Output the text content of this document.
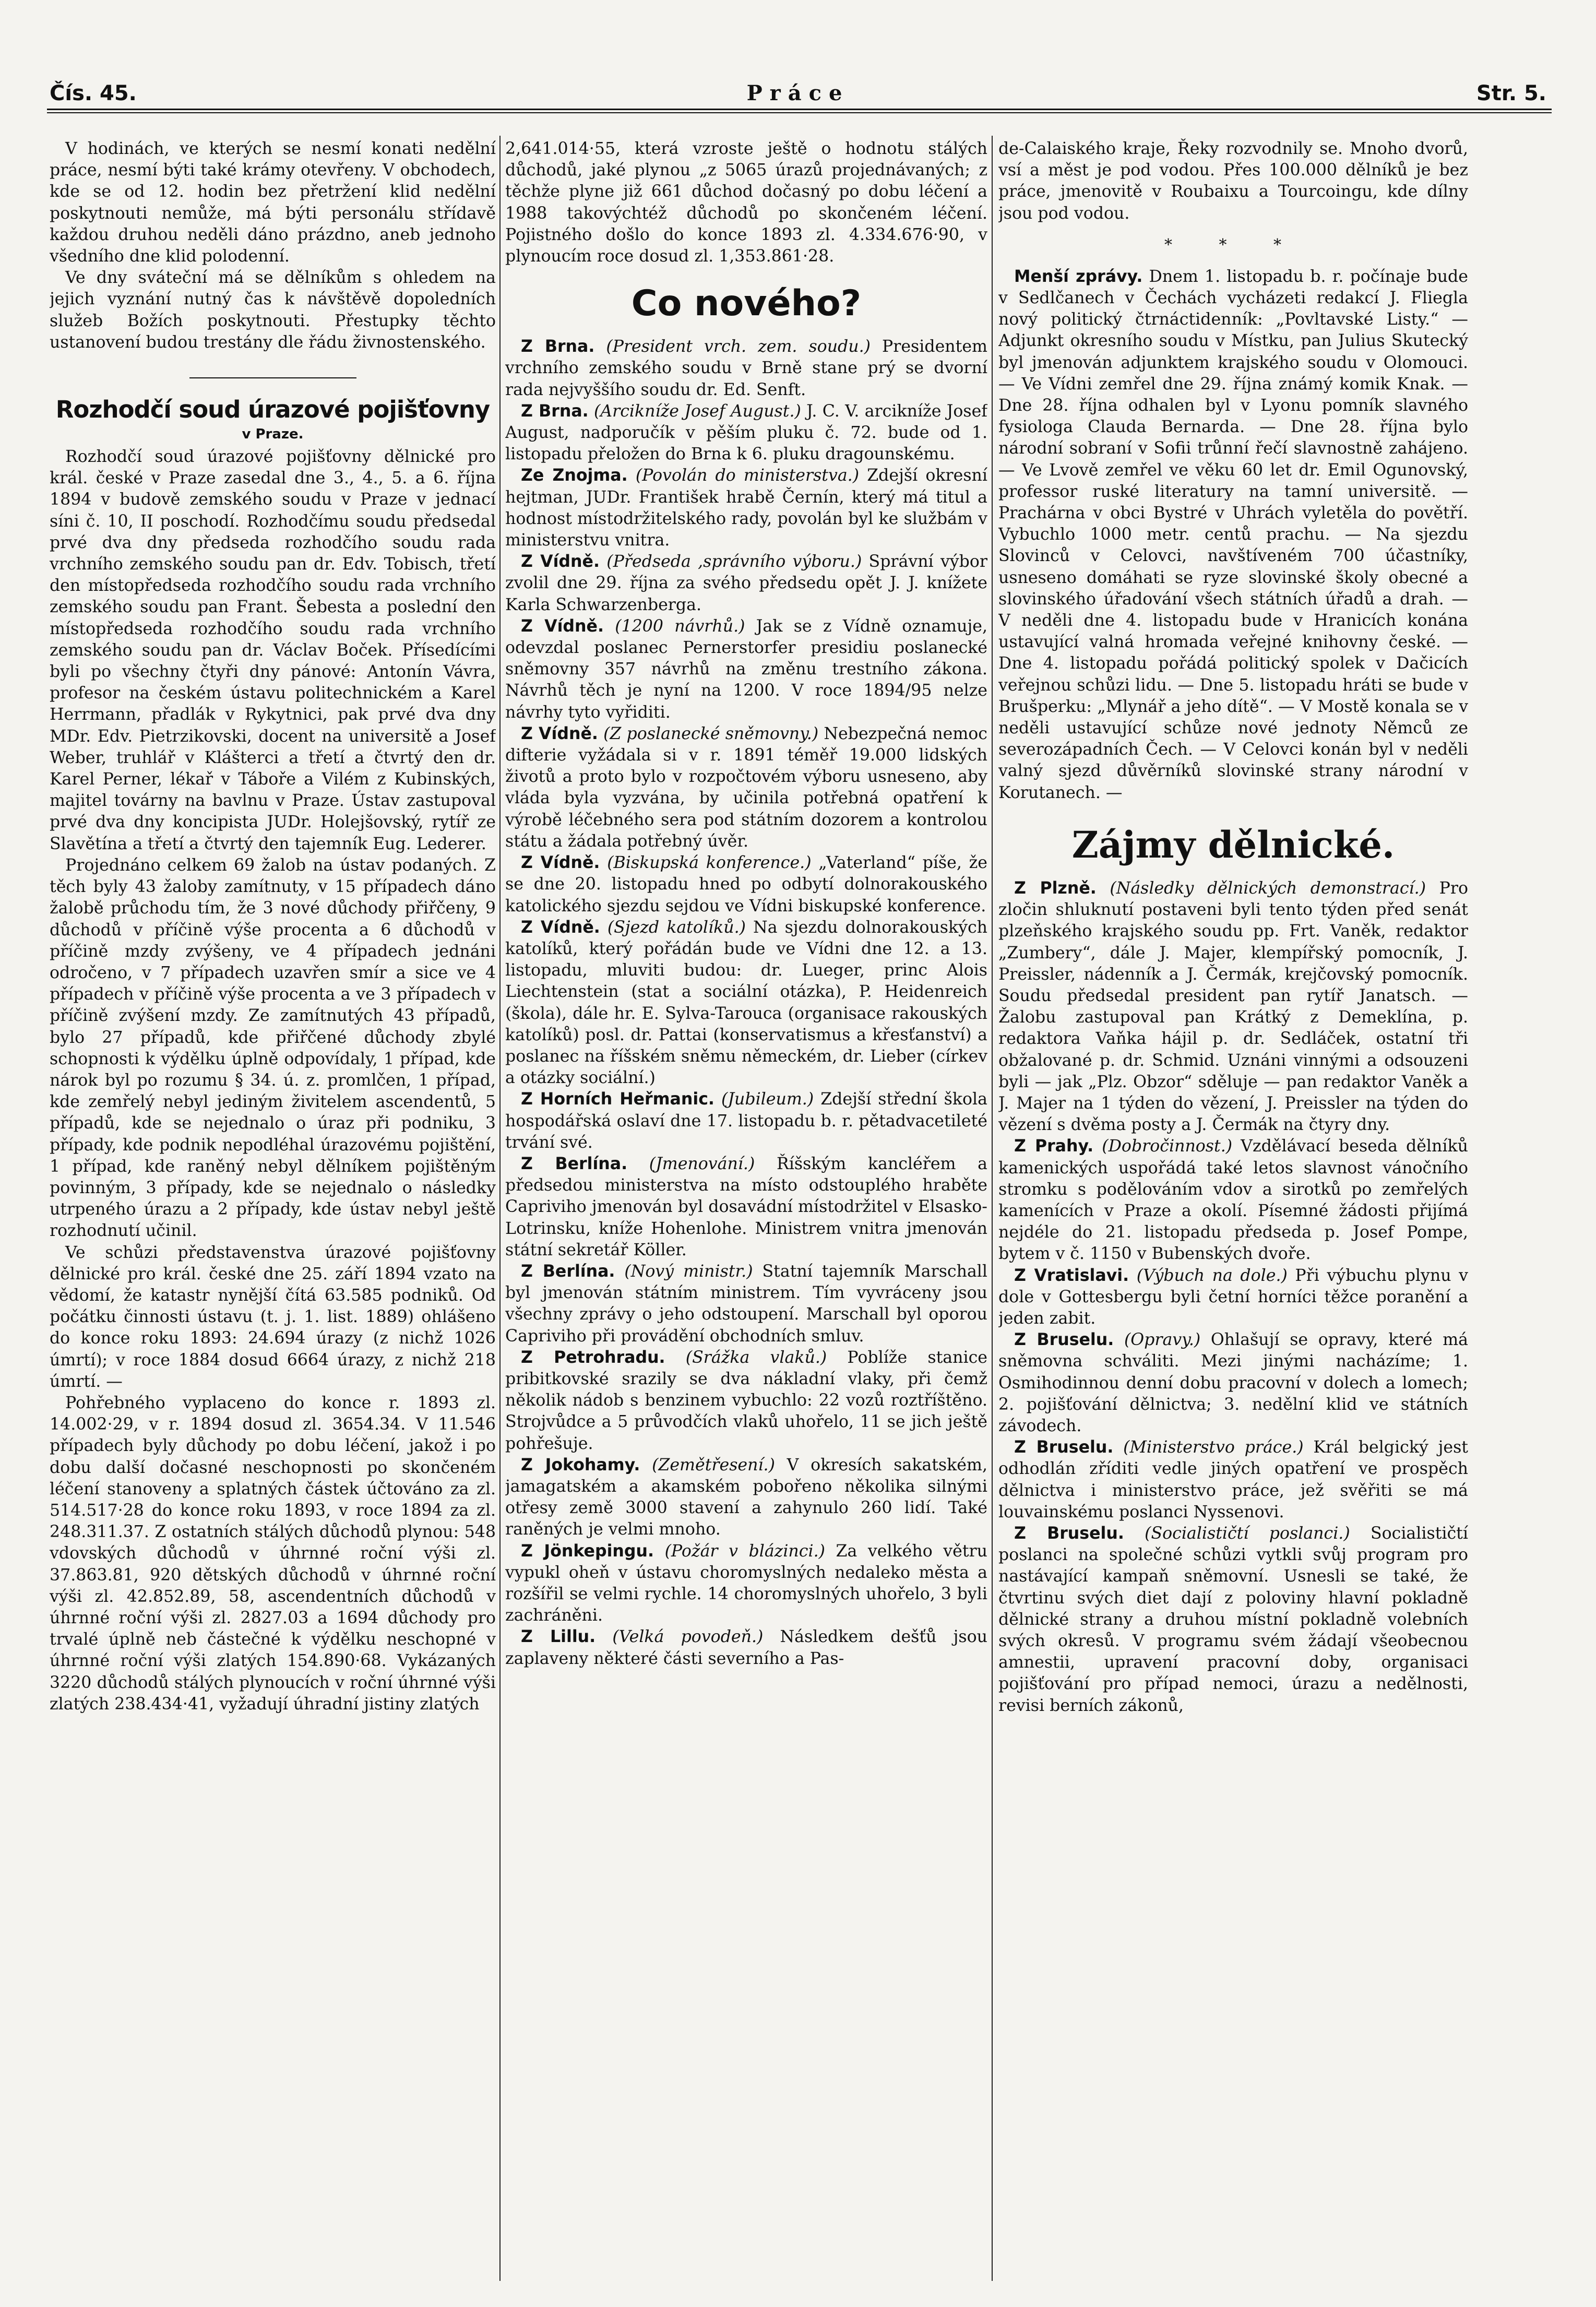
Práce
Čís. 45.	Str. 5.

V hodinách, ve kterých se nesmí konati nedělní práce, nesmí býti také krámy otevřeny. V obchodech, kde se od 12. hodin bez přetržení klid nedělní poskytnouti nemůže, má býti personálu střídavě každou druhou neděli dáno prázdno, aneb jednoho všedního dne klid polodenní.

Ve dny sváteční má se dělníkům s ohledem na jejich vyznání nutný čas k návštěvě dopoledních služeb Božích poskytnouti. Přestupky těchto ustanovení budou trestány dle řádu živnostenského.

Rozhodčí soud úrazové pojišťovny
v Praze.

Rozhodčí soud úrazové pojišťovny dělnické pro král. české v Praze zasedal dne 3., 4., 5. a 6. října 1894 v budově zemského soudu v Praze v jednací síni č. 10, II poschodí. Rozhodčímu soudu předsedal prvé dva dny předseda rozhodčího soudu rada vrchního zemského soudu pan dr. Edv. Tobisch, třetí den místopředseda rozhodčího soudu rada vrchního zemského soudu pan Frant. Šebesta a poslední den místopředseda rozhodčího soudu rada vrchního zemského soudu pan dr. Václav Boček. Přísedícími byli po všechny čtyři dny pánové: Antonín Vávra, profesor na českém ústavu politechnickém a Karel Herrmann, přadlák v Rykytnici, pak prvé dva dny MDr. Edv. Pietrzikovski, docent na universitě a Josef Weber, truhlář v Klášterci a třetí a čtvrtý den dr. Karel Perner, lékař v Táboře a Vilém z Kubinských, majitel továrny na bavlnu v Praze. Ústav zastupoval prvé dva dny koncipista JUDr. Holejšovský, rytíř ze Slavětína a třetí a čtvrtý den tajemník Eug. Lederer.

Projednáno celkem 69 žalob na ústav podaných. Z těch byly 43 žaloby zamítnuty, v 15 případech dáno žalobě průchodu tím, že 3 nové důchody přiřčeny, 9 důchodů v příčině výše procenta a 6 důchodů v příčině mzdy zvýšeny, ve 4 případech jednáni odročeno, v 7 případech uzavřen smír a sice ve 4 případech v příčině výše procenta a ve 3 případech v příčině zvýšení mzdy. Ze zamítnutých 43 případů, bylo 27 případů, kde přiřčené důchody zbylé schopnosti k výdělku úplně odpovídaly, 1 případ, kde nárok byl po rozumu § 34. ú. z. promlčen, 1 případ, kde zemřelý nebyl jediným živitelem ascendentů, 5 případů, kde se nejednalo o úraz při podniku, 3 případy, kde podnik nepodléhal úrazovému pojištění, 1 případ, kde raněný nebyl dělníkem pojištěným povinným, 3 případy, kde se nejednalo o následky utrpeného úrazu a 2 případy, kde ústav nebyl ještě rozhodnutí učinil.

Ve schůzi představenstva úrazové pojišťovny dělnické pro král. české dne 25. září 1894 vzato na vědomí, že katastr nynější čítá 63.585 podniků. Od počátku činnosti ústavu (t. j. 1. list. 1889) ohlášeno do konce roku 1893: 24.694 úrazy (z nichž 1026 úmrtí); v roce 1884 dosud 6664 úrazy, z nichž 218 úmrtí. —

Pohřebného vyplaceno do konce r. 1893 zl. 14.002·29, v r. 1894 dosud zl. 3654.34. V 11.546 případech byly důchody po dobu léčení, jakož i po dobu další dočasné neschopnosti po skončeném léčení stanoveny a splatných částek účtováno za zl. 514.517·28 do konce roku 1893, v roce 1894 za zl. 248.311.37. Z ostatních stálých důchodů plynou: 548 vdovských důchodů v úhrnné roční výši zl. 37.863.81, 920 dětských důchodů v úhrnné roční výši zl. 42.852.89, 58, ascendentních důchodů v úhrnné roční výši zl. 2827.03 a 1694 důchody pro trvalé úplně neb částečné k výdělku neschopné v úhrnné roční výši zlatých 154.890·68. Vykázaných 3220 důchodů stálých plynoucích v roční úhrnné výši zlatých 238.434·41, vyžadují úhradní jistiny zlatých

2,641.014·55, která vzroste ještě o hodnotu stálých důchodů, jaké plynou „z 5065 úrazů projednávaných; z těchže plyne již 661 důchod dočasný po dobu léčení a 1988 takovýchtéž důchodů po skončeném léčení. Pojistného došlo do konce 1893 zl. 4.334.676·90, v plynoucím roce dosud zl. 1,353.861·28.

Co nového?

Z Brna. (President vrch. zem. soudu.) Presidentem vrchního zemského soudu v Brně stane prý se dvorní rada nejvyššího soudu dr. Ed. Senft.

Z Brna. (Arcikníže Josef August.) J. C. V. arcikníže Josef August, nadporučík v pěším pluku č. 72. bude od 1. listopadu přeložen do Brna k 6. pluku dragounskému.

Ze Znojma. (Povolán do ministerstva.) Zdejší okresní hejtman, JUDr. František hrabě Černín, který má titul a hodnost místodržitelského rady, povolán byl ke službám v ministerstvu vnitra.

Z Vídně. (Předseda ,správního výboru.) Správní výbor zvolil dne 29. října za svého předsedu opět J. J. knížete Karla Schwarzenberga.

Z Vídně. (1200 návrhů.) Jak se z Vídně oznamuje, odevzdal poslanec Pernerstorfer presidiu poslanecké sněmovny 357 návrhů na změnu trestního zákona. Návrhů těch je nyní na 1200. V roce 1894/95 nelze návrhy tyto vyřiditi.

Z Vídně. (Z poslanecké sněmovny.) Nebezpečná nemoc difterie vyžádala si v r. 1891 téměř 19.000 lidských životů a proto bylo v rozpočtovém výboru usneseno, aby vláda byla vyzvána, by učinila potřebná opatření k výrobě léčebného sera pod státním dozorem a kontrolou státu a žádala potřebný úvěr.

Z Vídně. (Biskupská konference.) „Vaterland“ píše, že se dne 20. listopadu hned po odbytí dolnorakouského katolického sjezdu sejdou ve Vídni biskupské konference.

Z Vídně. (Sjezd katolíků.) Na sjezdu dolnorakouských katolíků, který pořádán bude ve Vídni dne 12. a 13. listopadu, mluviti budou: dr. Lueger, princ Alois Liechtenstein (stat a sociální otázka), P. Heidenreich (škola), dále hr. E. Sylva-Tarouca (organisace rakouských katolíků) posl. dr. Pattai (konservatismus a křesťanství) a poslanec na říšském sněmu německém, dr. Lieber (církev a otázky sociální.)

Z Horních Heřmanic. (Jubileum.) Zdejší střední škola hospodářská oslaví dne 17. listopadu b. r. pětadvacetileté trvání své.

Z Berlína. (Jmenování.) Říšským kancléřem a předsedou ministerstva na místo odstouplého hraběte Capriviho jmenován byl dosavádní místodržitel v Elsasko-Lotrinsku, kníže Hohenlohe. Ministrem vnitra jmenován státní sekretář Köller.

Z Berlína. (Nový ministr.) Statní tajemník Marschall byl jmenován státním ministrem. Tím vyvráceny jsou všechny zprávy o jeho odstoupení. Marschall byl oporou Capriviho při provádění obchodních smluv.

Z Petrohradu. (Srážka vlaků.) Poblíže stanice pribitkovské srazily se dva nákladní vlaky, při čemž několik nádob s benzinem vybuchlo: 22 vozů roztříštěno. Strojvůdce a 5 průvodčích vlaků uhořelo, 11 se jich ještě pohřešuje.

Z Jokohamy. (Zemětřesení.) V okresích sakatském, jamagatském a akamském pobořeno několika silnými otřesy země 3000 stavení a zahynulo 260 lidí. Také raněných je velmi mnoho.

Z Jönkepingu. (Požár v blázinci.) Za velkého větru vypukl oheň v ústavu choromyslných nedaleko města a rozšířil se velmi rychle. 14 choromyslných uhořelo, 3 byli zachráněni.

Z Lillu. (Velká povodeň.) Následkem dešťů jsou zaplaveny některé části severního a Pas-

de-Calaiského kraje, Řeky rozvodnily se. Mnoho dvorů, vsí a měst je pod vodou. Přes 100.000 dělníků je bez práce, jmenovitě v Roubaixu a Tourcoingu, kde dílny jsou pod vodou.

* * *

Menší zprávy. Dnem 1. listopadu b. r. počínaje bude v Sedlčanech v Čechách vycházeti redakcí J. Fliegla nový politický čtrnáctidenník: „Povltavské Listy.“ — Adjunkt okresního soudu v Místku, pan Julius Skutecký byl jmenován adjunktem krajského soudu v Olomouci. — Ve Vídni zemřel dne 29. října známý komik Knak. — Dne 28. října odhalen byl v Lyonu pomník slavného fysiologa Clauda Bernarda. — Dne 28. října bylo národní sobraní v Sofii trůnní řečí slavnostně zahájeno. — Ve Lvově zemřel ve věku 60 let dr. Emil Ogunovský, professor ruské literatury na tamní universitě. — Prachárna v obci Bystré v Uhrách vyletěla do povětří. Vybuchlo 1000 metr. centů prachu. — Na sjezdu Slovinců v Celovci, navštíveném 700 účastníky, usneseno domáhati se ryze slovinské školy obecné a slovinského úřadování všech státních úřadů a drah. — V neděli dne 4. listopadu bude v Hranicích konána ustavující valná hromada veřejné knihovny české. — Dne 4. listopadu pořádá politický spolek v Dačicích veřejnou schůzi lidu. — Dne 5. listopadu hráti se bude v Brušperku: „Mlynář a jeho dítě“. — V Mostě konala se v neděli ustavující schůze nové jednoty Němců ze severozápadních Čech. — V Celovci konán byl v neděli valný sjezd důvěrníků slovinské strany národní v Korutanech. —

Zájmy dělnické.

Z Plzně. (Následky dělnických demonstrací.) Pro zločin shluknutí postaveni byli tento týden před senát plzeňského krajského soudu pp. Frt. Vaněk, redaktor „Zumbery“, dále J. Majer, klempířský pomocník, J. Preissler, nádenník a J. Čermák, krejčovský pomocník. Soudu předsedal president pan rytíř Janatsch. — Žalobu zastupoval pan Krátký z Demeklína, p. redaktora Vaňka hájil p. dr. Sedláček, ostatní tři obžalované p. dr. Schmid. Uznáni vinnými a odsouzeni byli — jak „Plz. Obzor“ sděluje — pan redaktor Vaněk a J. Majer na 1 týden do vězení, J. Preissler na týden do vězení s dvěma posty a J. Čermák na čtyry dny.

Z Prahy. (Dobročinnost.) Vzdělávací beseda dělníků kamenických uspořádá také letos slavnost vánočního stromku s podělováním vdov a sirotků po zemřelých kamenících v Praze a okolí. Písemné žádosti přijímá nejdéle do 21. listopadu předseda p. Josef Pompe, bytem v č. 1150 v Bubenských dvoře.

Z Vratislavi. (Výbuch na dole.) Při výbuchu plynu v dole v Gottesbergu byli četní horníci těžce poranění a jeden zabit.

Z Bruselu. (Opravy.) Ohlašují se opravy, které má sněmovna schváliti. Mezi jinými nacházíme; 1. Osmihodinnou denní dobu pracovní v dolech a lomech; 2. pojišťování dělnictva; 3. nedělní klid ve státních závodech.

Z Bruselu. (Ministerstvo práce.) Král belgický jest odhodlán zříditi vedle jiných opatření ve prospěch dělnictva i ministerstvo práce, jež svěřiti se má louvainskému poslanci Nyssenovi.

Z Bruselu. (Socialističtí poslanci.) Socialističtí poslanci na společné schůzi vytkli svůj program pro nastávající kampaň sněmovní. Usnesli se také, že čtvrtinu svých diet dají z poloviny hlavní pokladně dělnické strany a druhou místní pokladně volebních svých okresů. V programu svém žádají všeobecnou amnestii, upravení pracovní doby, organisaci pojišťování pro případ nemoci, úrazu a nedělnosti, revisi berních zákonů,
